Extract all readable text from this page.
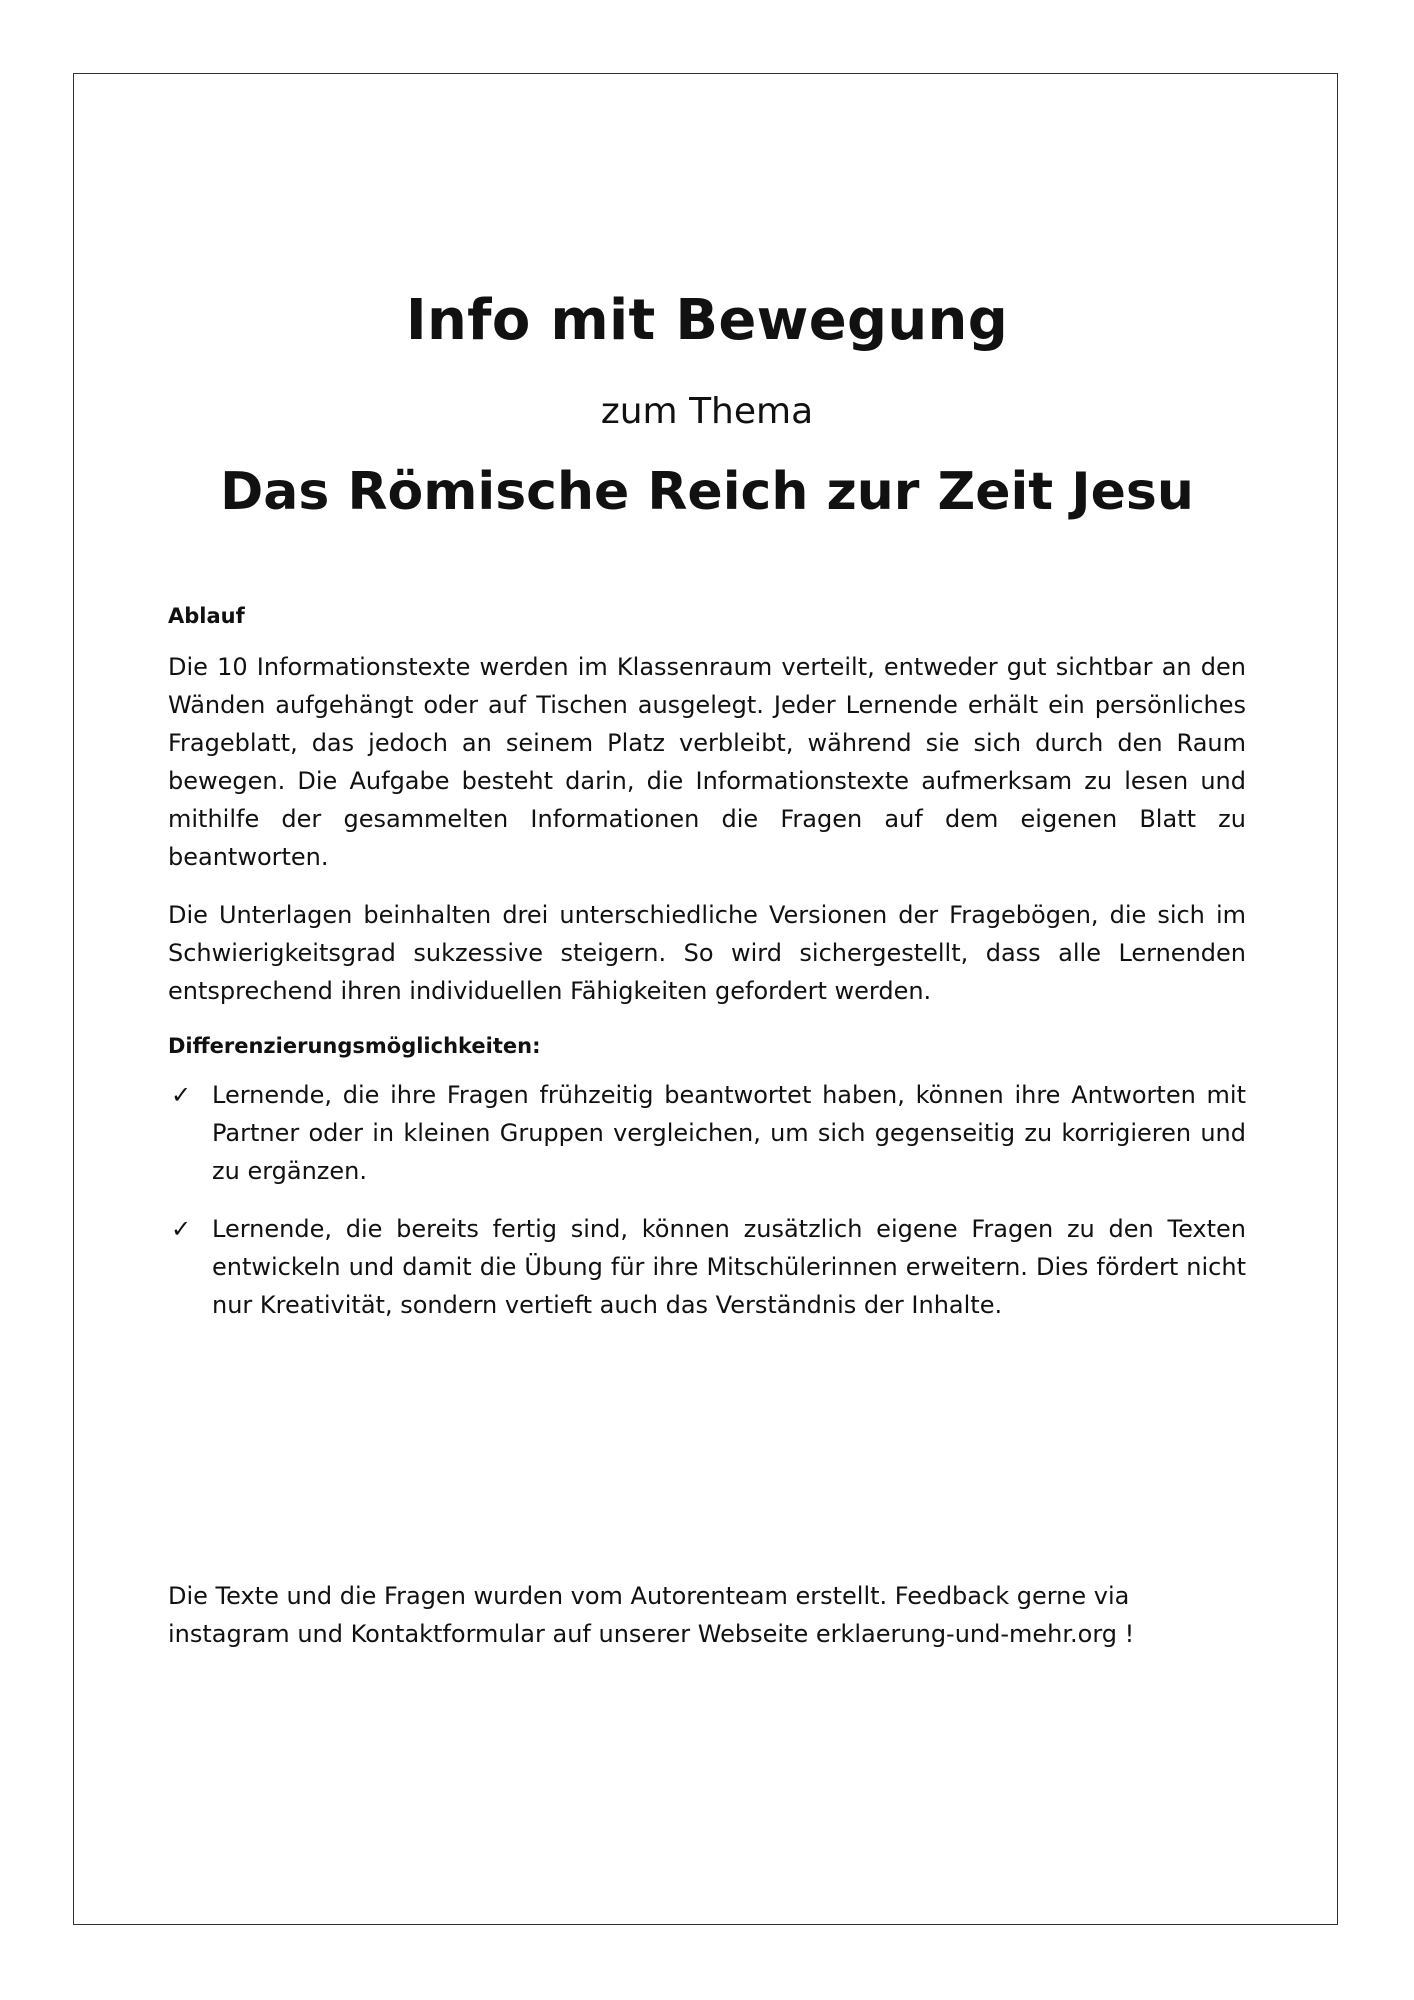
Info mit Bewegung
zum Thema
Das Römische Reich zur Zeit Jesu
Ablauf

Die 10 Informationstexte werden im Klassenraum verteilt, entweder gut sichtbar an den Wänden aufgehängt oder auf Tischen ausgelegt. Jeder Lernende erhält ein persönliches Frageblatt, das jedoch an seinem Platz verbleibt, während sie sich durch den Raum bewegen. Die Aufgabe besteht darin, die Informationstexte aufmerksam zu lesen und mithilfe der gesammelten Informationen die Fragen auf dem eigenen Blatt zu beantworten.

Die Unterlagen beinhalten drei unterschiedliche Versionen der Fragebögen, die sich im Schwierigkeitsgrad sukzessive steigern. So wird sichergestellt, dass alle Lernenden entsprechend ihren individuellen Fähigkeiten gefordert werden.

Differenzierungsmöglichkeiten:
✓ Lernende, die ihre Fragen frühzeitig beantwortet haben, können ihre Antworten mit Partner oder in kleinen Gruppen vergleichen, um sich gegenseitig zu korrigieren und zu ergänzen.
✓ Lernende, die bereits fertig sind, können zusätzlich eigene Fragen zu den Texten entwickeln und damit die Übung für ihre Mitschülerinnen erweitern. Dies fördert nicht nur Kreativität, sondern vertieft auch das Verständnis der Inhalte.

Die Texte und die Fragen wurden vom Autorenteam erstellt. Feedback gerne via instagram und Kontaktformular auf unserer Webseite erklaerung-und-mehr.org !
